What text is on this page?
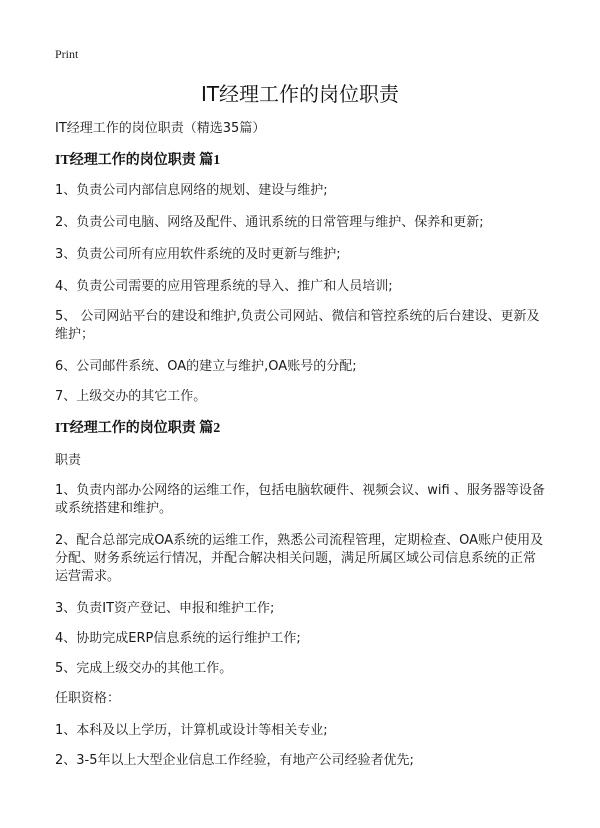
Print
IT经理工作的岗位职责

IT经理工作的岗位职责（精选35篇）

IT经理工作的岗位职责 篇1

1、负责公司内部信息网络的规划、建设与维护;

2、负责公司电脑、网络及配件、通讯系统的日常管理与维护、保养和更新;

3、负责公司所有应用软件系统的及时更新与维护;

4、负责公司需要的应用管理系统的导入、推广和人员培训;

5、 公司网站平台的建设和维护,负责公司网站、微信和管控系统的后台建设、更新及维护；

6、公司邮件系统、OA的建立与维护,OA账号的分配;

7、上级交办的其它工作。

IT经理工作的岗位职责 篇2

职责

1、负责内部办公网络的运维工作，包括电脑软硬件、视频会议、wifi 、服务器等设备或系统搭建和维护。

2、配合总部完成OA系统的运维工作，熟悉公司流程管理，定期检查、OA账户使用及分配、财务系统运行情况，并配合解决相关问题，满足所属区域公司信息系统的正常运营需求。

3、负责IT资产登记、申报和维护工作;

4、协助完成ERP信息系统的运行维护工作;

5、完成上级交办的其他工作。

任职资格：

1、本科及以上学历，计算机或设计等相关专业;

2、3-5年以上大型企业信息工作经验，有地产公司经验者优先;
